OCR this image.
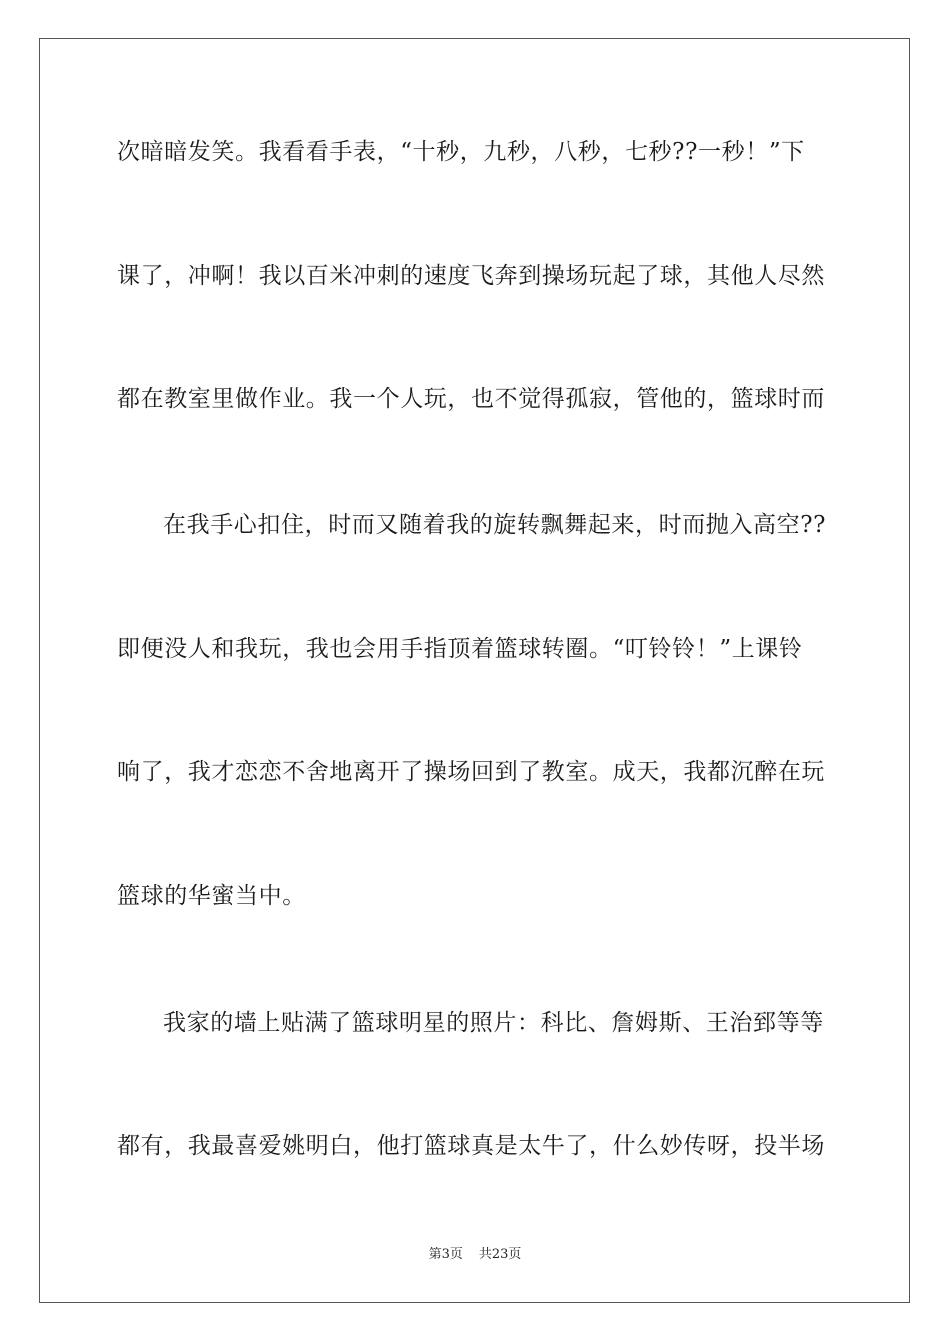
次暗暗发笑。我看看手表，“十秒，九秒，八秒，七秒??一秒！”下
课了，冲啊！我以百米冲刺的速度飞奔到操场玩起了球，其他人尽然
都在教室里做作业。我一个人玩，也不觉得孤寂，管他的，篮球时而
在我手心扣住，时而又随着我的旋转飘舞起来，时而抛入高空??
即便没人和我玩，我也会用手指顶着篮球转圈。“叮铃铃！”上课铃
响了，我才恋恋不舍地离开了操场回到了教室。成天，我都沉醉在玩
篮球的华蜜当中。
我家的墙上贴满了篮球明星的照片：科比、詹姆斯、王治郅等等
都有，我最喜爱姚明白，他打篮球真是太牛了，什么妙传呀，投半场
第3页 共23页
